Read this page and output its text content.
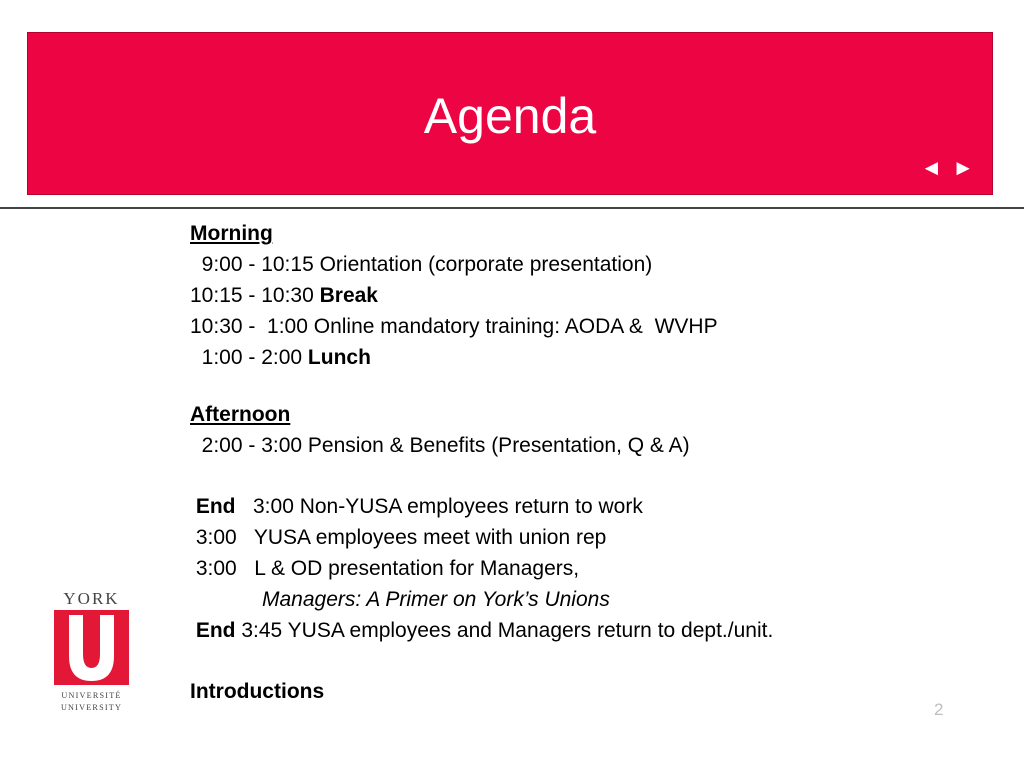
Agenda
◄ ►
Morning
9:00 - 10:15 Orientation (corporate presentation)
10:15 - 10:30 Break
10:30 -  1:00 Online mandatory training: AODA &  WVHP
1:00 - 2:00 Lunch
Afternoon
2:00 - 3:00 Pension & Benefits (Presentation, Q & A)
End   3:00 Non-YUSA employees return to work
3:00   YUSA employees meet with union rep
3:00   L & OD presentation for Managers,
Managers: A Primer on York’s Unions
End 3:45 YUSA employees and Managers return to dept./unit.
Introductions
2
YORK
UNIVERSITÉ
UNIVERSITY
